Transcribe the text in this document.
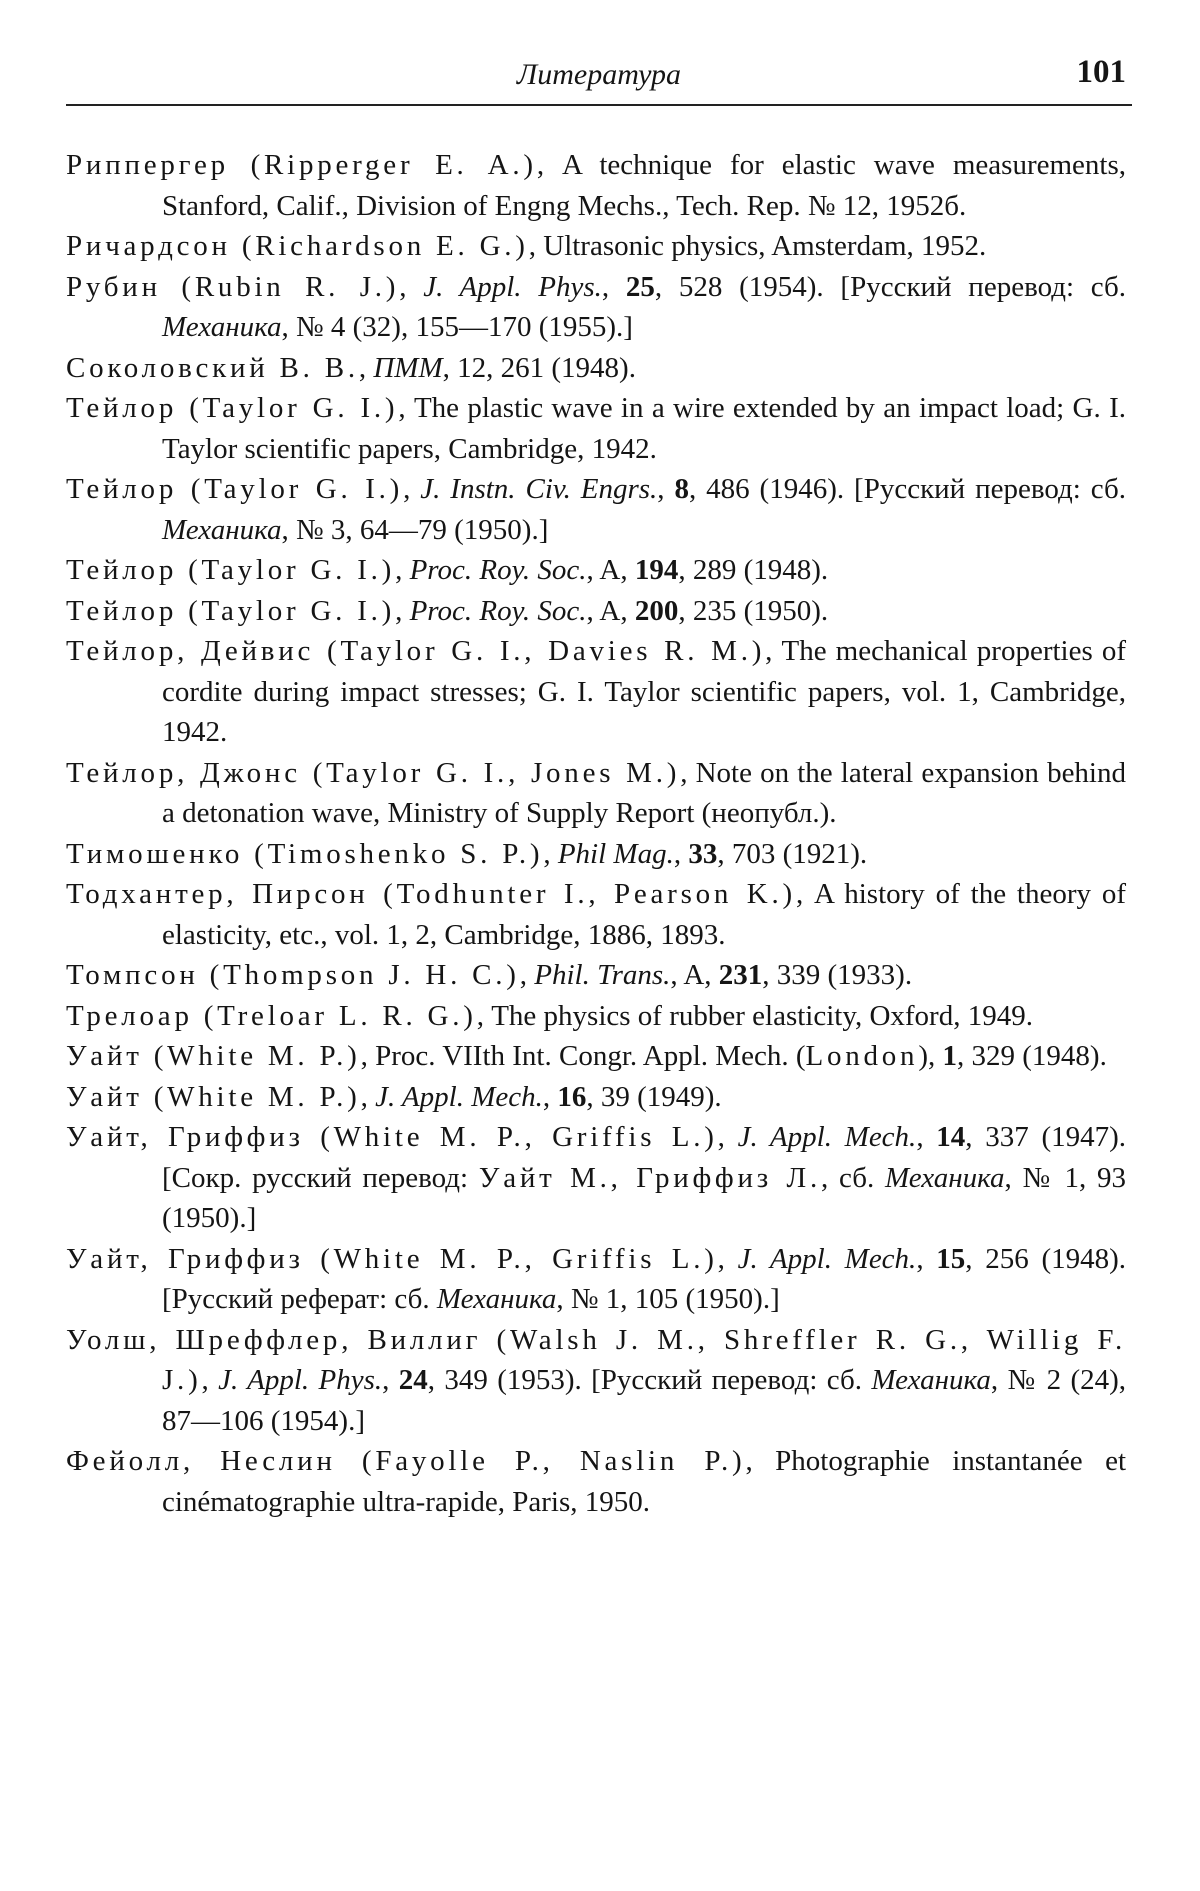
Литература	101
Риппергер (Ripperger E. A.), A technique for elastic wave measurements, Stanford, Calif., Division of Engng Mechs., Tech. Rep. № 12, 1952б.
Ричардсон (Richardson E. G.), Ultrasonic physics, Amsterdam, 1952.
Рубин (Rubin R. J.), J. Appl. Phys., 25, 528 (1954). [Русский перевод: сб. Механика, № 4 (32), 155—170 (1955).]
Соколовский В. В., ПММ, 12, 261 (1948).
Тейлор (Taylor G. I.), The plastic wave in a wire extended by an impact load; G. I. Taylor scientific papers, Cambridge, 1942.
Тейлор (Taylor G. I.), J. Instn. Civ. Engrs., 8, 486 (1946). [Русский перевод: сб. Механика, № 3, 64—79 (1950).]
Тейлор (Taylor G. I.), Proc. Roy. Soc., A, 194, 289 (1948).
Тейлор (Taylor G. I.), Proc. Roy. Soc., A, 200, 235 (1950).
Тейлор, Дейвис (Taylor G. I., Davies R. M.), The mechanical properties of cordite during impact stresses; G. I. Taylor scientific papers, vol. 1, Cambridge, 1942.
Тейлор, Джонс (Taylor G. I., Jones M.), Note on the lateral expansion behind a detonation wave, Ministry of Supply Report (неопубл.).
Тимошенко (Timoshenko S. P.), Phil Mag., 33, 703 (1921).
Тодхантер, Пирсон (Todhunter I., Pearson K.), A history of the theory of elasticity, etc., vol. 1, 2, Cambridge, 1886, 1893.
Томпсон (Thompson J. H. C.), Phil. Trans., A, 231, 339 (1933).
Трелоар (Treloar L. R. G.), The physics of rubber elasticity, Oxford, 1949.
Уайт (White M. P.), Proc. VIIth Int. Congr. Appl. Mech. (London), 1, 329 (1948).
Уайт (White M. P.), J. Appl. Mech., 16, 39 (1949).
Уайт, Гриффиз (White M. P., Griffis L.), J. Appl. Mech., 14, 337 (1947). [Сокр. русский перевод: Уайт М., Гриффиз Л., сб. Механика, № 1, 93 (1950).]
Уайт, Гриффиз (White M. P., Griffis L.), J. Appl. Mech., 15, 256 (1948). [Русский реферат: сб. Механика, № 1, 105 (1950).]
Уолш, Шреффлер, Виллиг (Walsh J. M., Shreffler R. G., Willig F. J.), J. Appl. Phys., 24, 349 (1953). [Русский перевод: сб. Механика, № 2 (24), 87—106 (1954).]
Фейолл, Неслин (Fayolle P., Naslin P.), Photographie instantanée et cinématographie ultra-rapide, Paris, 1950.
